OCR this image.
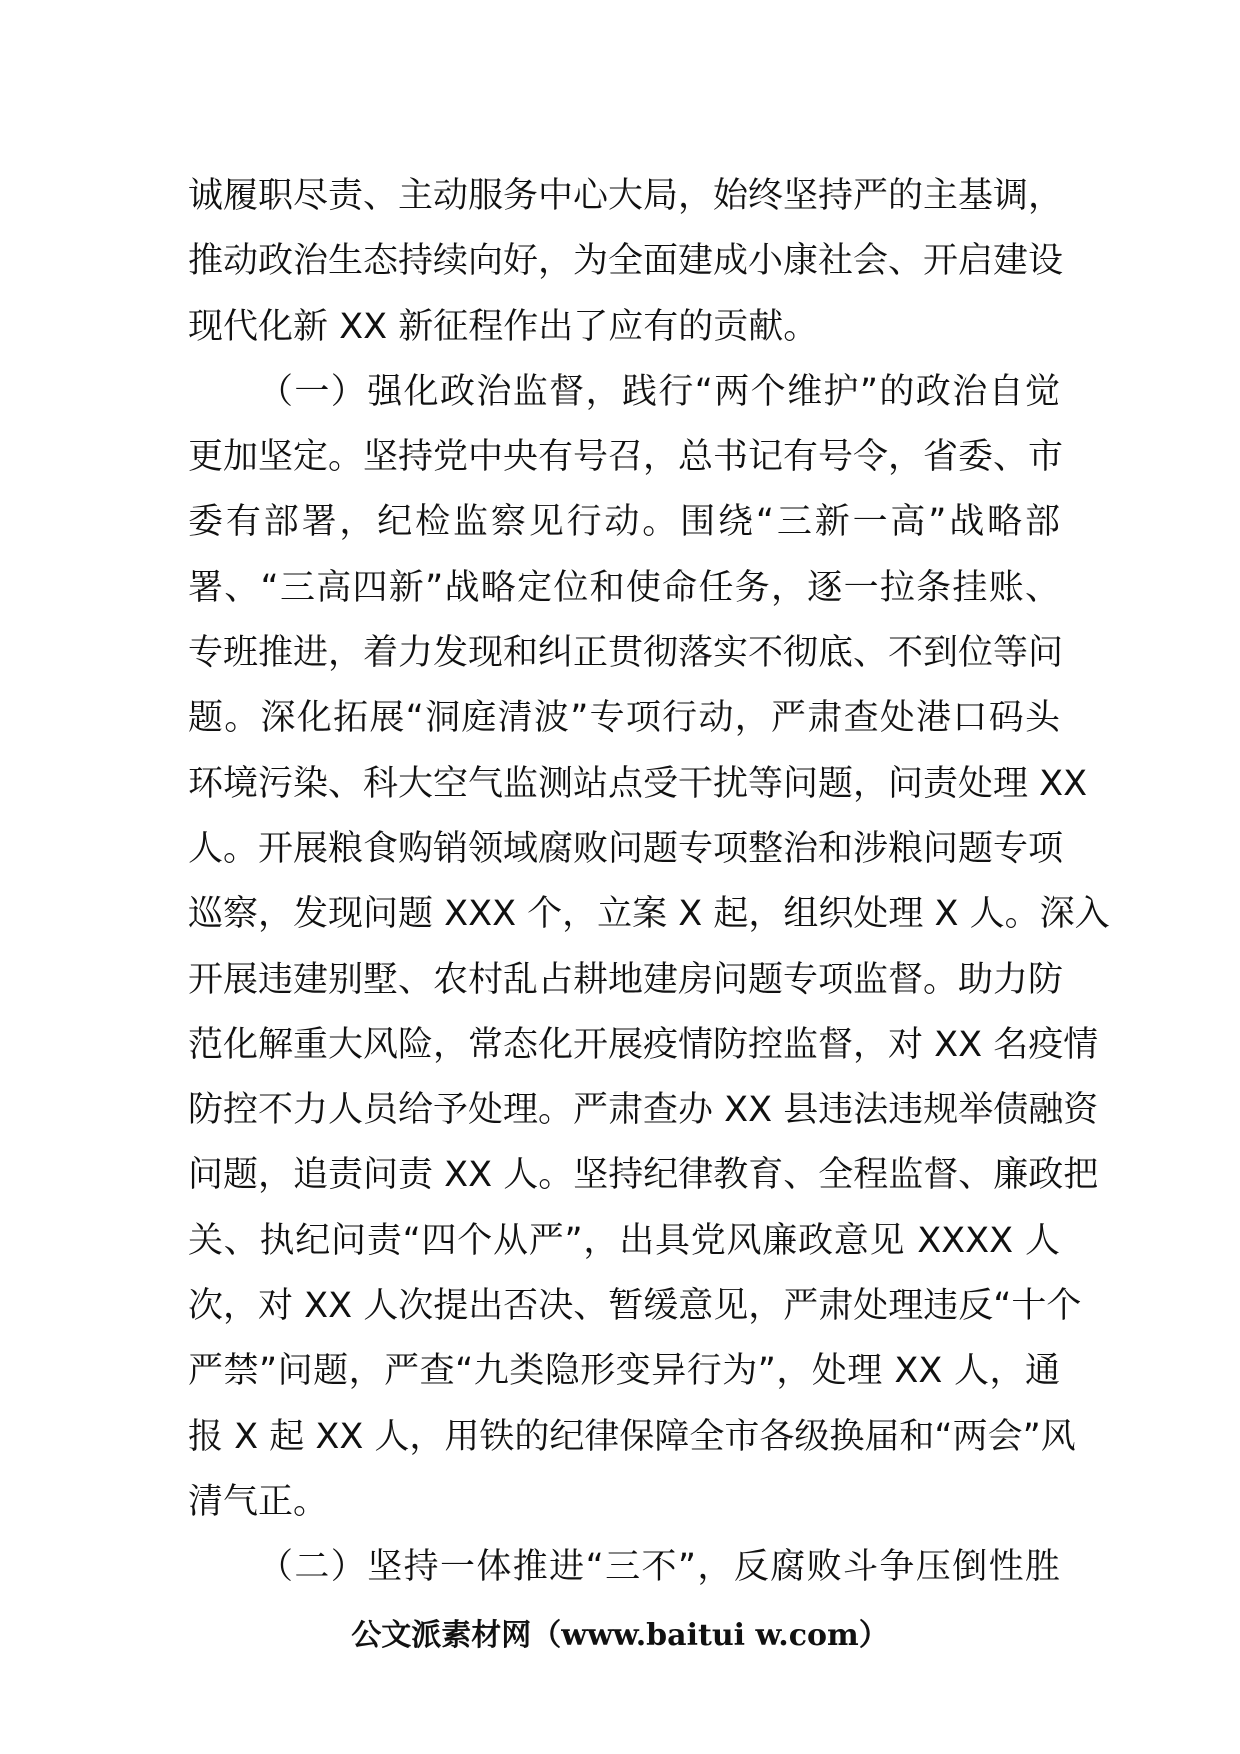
诚履职尽责、主动服务中心大局，始终坚持严的主基调，
推动政治生态持续向好，为全面建成小康社会、开启建设
现代化新 XX 新征程作出了应有的贡献。
（一）强化政治监督，践行“两个维护”的政治自觉
更加坚定。坚持党中央有号召，总书记有号令，省委、市
委有部署，纪检监察见行动。围绕“三新一高”战略部
署、“三高四新”战略定位和使命任务，逐一拉条挂账、
专班推进，着力发现和纠正贯彻落实不彻底、不到位等问
题。深化拓展“洞庭清波”专项行动，严肃查处港口码头
环境污染、科大空气监测站点受干扰等问题，问责处理 XX
人。开展粮食购销领域腐败问题专项整治和涉粮问题专项
巡察，发现问题 XXX 个，立案 X 起，组织处理 X 人。深入
开展违建别墅、农村乱占耕地建房问题专项监督。助力防
范化解重大风险，常态化开展疫情防控监督，对 XX 名疫情
防控不力人员给予处理。严肃查办 XX 县违法违规举债融资
问题，追责问责 XX 人。坚持纪律教育、全程监督、廉政把
关、执纪问责“四个从严”，出具党风廉政意见 XXXX 人
次，对 XX 人次提出否决、暂缓意见，严肃处理违反“十个
严禁”问题，严查“九类隐形变异行为”，处理 XX 人，通
报 X 起 XX 人，用铁的纪律保障全市各级换届和“两会”风
清气正。
（二）坚持一体推进“三不”，反腐败斗争压倒性胜
公文派素材网（www.baitui w.com）
